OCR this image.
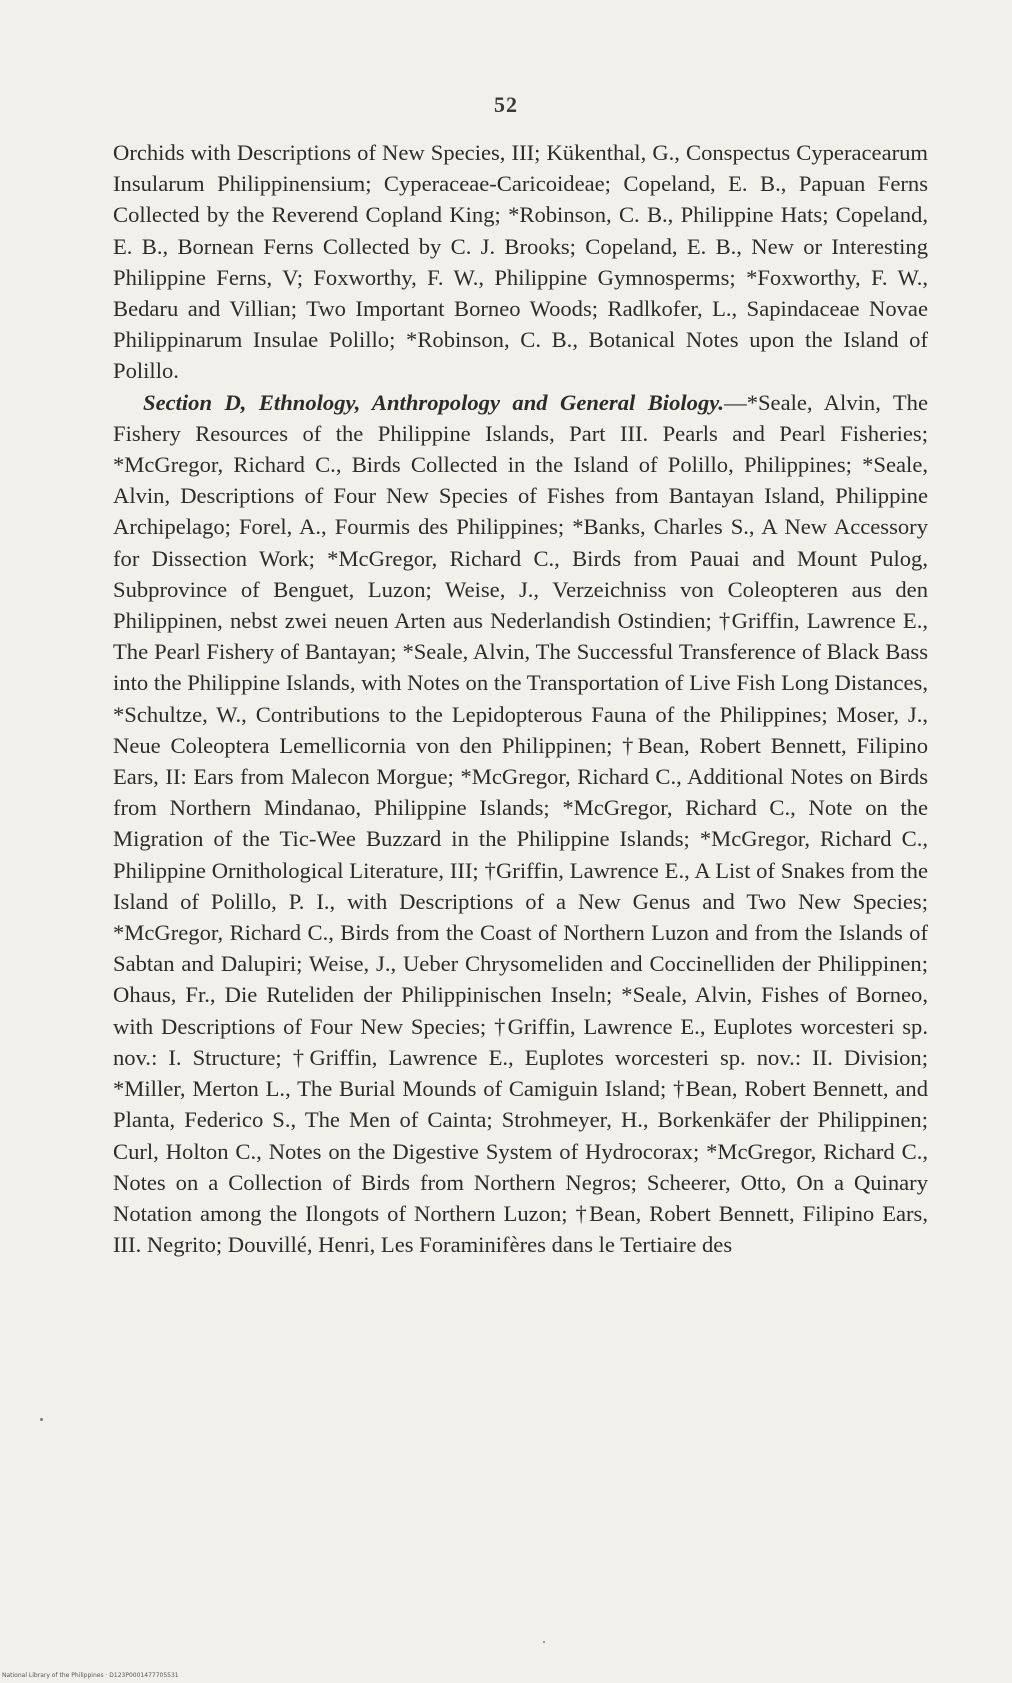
52

Orchids with Descriptions of New Species, III; Kükenthal, G., Conspectus Cyperacearum Insularum Philippinensium; Cyperaceae-Caricoideae; Copeland, E. B., Papuan Ferns Collected by the Reverend Copland King; *Robinson, C. B., Philippine Hats; Copeland, E. B., Bornean Ferns Collected by C. J. Brooks; Copeland, E. B., New or Interesting Philippine Ferns, V; Foxworthy, F. W., Philippine Gymnosperms; *Foxworthy, F. W., Bedaru and Villian; Two Important Borneo Woods; Radlkofer, L., Sapindaceae Novae Philippinarum Insulae Polillo; *Robinson, C. B., Botanical Notes upon the Island of Polillo.

Section D, Ethnology, Anthropology and General Biology.—*Seale, Alvin, The Fishery Resources of the Philippine Islands, Part III. Pearls and Pearl Fisheries; *McGregor, Richard C., Birds Collected in the Island of Polillo, Philippines; *Seale, Alvin, Descriptions of Four New Species of Fishes from Bantayan Island, Philippine Archipelago; Forel, A., Fourmis des Philippines; *Banks, Charles S., A New Accessory for Dissection Work; *McGregor, Richard C., Birds from Pauai and Mount Pulog, Subprovince of Benguet, Luzon; Weise, J., Verzeichniss von Coleopteren aus den Philippinen, nebst zwei neuen Arten aus Nederlandish Ostindien; †Griffin, Lawrence E., The Pearl Fishery of Bantayan; *Seale, Alvin, The Successful Transference of Black Bass into the Philippine Islands, with Notes on the Transportation of Live Fish Long Distances, *Schultze, W., Contributions to the Lepidopterous Fauna of the Philippines; Moser, J., Neue Coleoptera Lemellicornia von den Philippinen; †Bean, Robert Bennett, Filipino Ears, II: Ears from Malecon Morgue; *McGregor, Richard C., Additional Notes on Birds from Northern Mindanao, Philippine Islands; *McGregor, Richard C., Note on the Migration of the Tic-Wee Buzzard in the Philippine Islands; *McGregor, Richard C., Philippine Ornithological Literature, III; †Griffin, Lawrence E., A List of Snakes from the Island of Polillo, P. I., with Descriptions of a New Genus and Two New Species; *McGregor, Richard C., Birds from the Coast of Northern Luzon and from the Islands of Sabtan and Dalupiri; Weise, J., Ueber Chrysomeliden and Coccinelliden der Philippinen; Ohaus, Fr., Die Ruteliden der Philippinischen Inseln; *Seale, Alvin, Fishes of Borneo, with Descriptions of Four New Species; †Griffin, Lawrence E., Euplotes worcesteri sp. nov.: I. Structure; †Griffin, Lawrence E., Euplotes worcesteri sp. nov.: II. Division; *Miller, Merton L., The Burial Mounds of Camiguin Island; †Bean, Robert Bennett, and Planta, Federico S., The Men of Cainta; Strohmeyer, H., Borkenkäfer der Philippinen; Curl, Holton C., Notes on the Digestive System of Hydrocorax; *McGregor, Richard C., Notes on a Collection of Birds from Northern Negros; Scheerer, Otto, On a Quinary Notation among the Ilongots of Northern Luzon; †Bean, Robert Bennett, Filipino Ears, III. Negrito; Douvillé, Henri, Les Foraminifères dans le Tertiaire des

National Library of the Philippines · D123P0001477705531
